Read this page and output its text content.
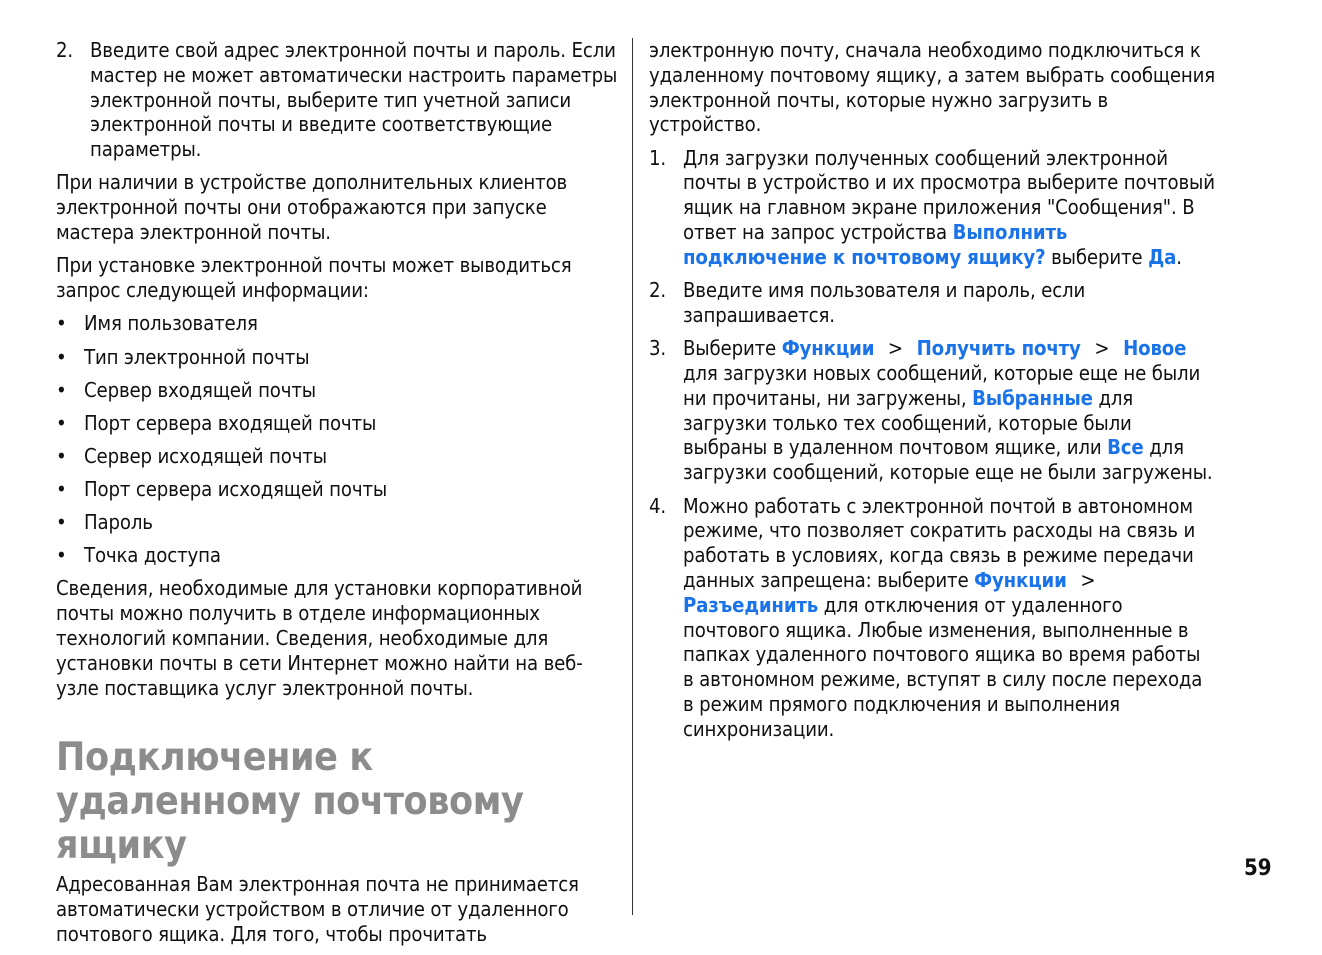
2. Введите свой адрес электронной почты и пароль. Если мастер не может автоматически настроить параметры электронной почты, выберите тип учетной записи электронной почты и введите соответствующие параметры.

При наличии в устройстве дополнительных клиентов электронной почты они отображаются при запуске мастера электронной почты.

При установке электронной почты может выводиться запрос следующей информации:

• Имя пользователя
• Тип электронной почты
• Сервер входящей почты
• Порт сервера входящей почты
• Сервер исходящей почты
• Порт сервера исходящей почты
• Пароль
• Точка доступа

Сведения, необходимые для установки корпоративной почты можно получить в отделе информационных технологий компании. Сведения, необходимые для установки почты в сети Интернет можно найти на веб-узле поставщика услуг электронной почты.

Подключение к удаленному почтовому ящику

Адресованная Вам электронная почта не принимается автоматически устройством в отличие от удаленного почтового ящика. Для того, чтобы прочитать

электронную почту, сначала необходимо подключиться к удаленному почтовому ящику, а затем выбрать сообщения электронной почты, которые нужно загрузить в устройство.

1. Для загрузки полученных сообщений электронной почты в устройство и их просмотра выберите почтовый ящик на главном экране приложения "Сообщения". В ответ на запрос устройства Выполнить подключение к почтовому ящику? выберите Да.
2. Введите имя пользователя и пароль, если запрашивается.
3. Выберите Функции > Получить почту > Новое для загрузки новых сообщений, которые еще не были ни прочитаны, ни загружены, Выбранные для загрузки только тех сообщений, которые были выбраны в удаленном почтовом ящике, или Все для загрузки сообщений, которые еще не были загружены.
4. Можно работать с электронной почтой в автономном режиме, что позволяет сократить расходы на связь и работать в условиях, когда связь в режиме передачи данных запрещена: выберите Функции > Разъединить для отключения от удаленного почтового ящика. Любые изменения, выполненные в папках удаленного почтового ящика во время работы в автономном режиме, вступят в силу после перехода в режим прямого подключения и выполнения синхронизации.
59
